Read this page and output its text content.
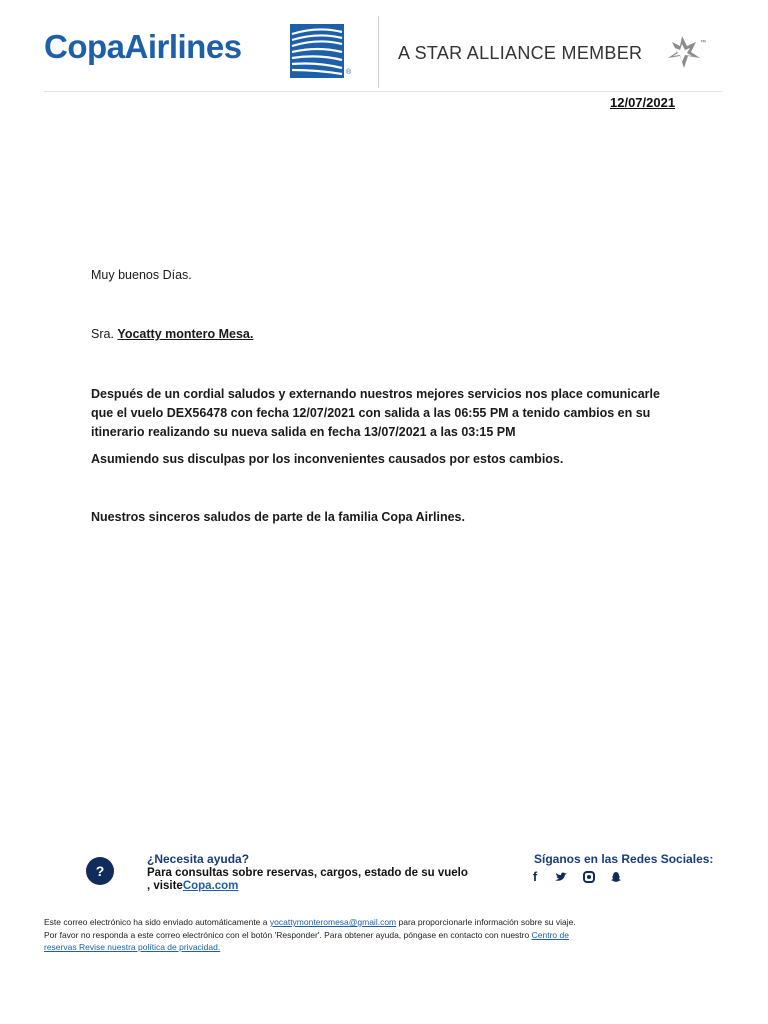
CopaAirlines
®
A STAR ALLIANCE MEMBER	™
12/07/2021
Muy buenos Días.
Sra. Yocatty montero Mesa.
Después de un cordial saludos y externando nuestros mejores servicios nos place comunicarle que el vuelo DEX56478 con fecha 12/07/2021 con salida a las 06:55 PM a tenido cambios en su itinerario realizando su nueva salida en fecha 13/07/2021 a las 03:15 PM
Asumiendo sus disculpas por los inconvenientes causados por estos cambios.
Nuestros sinceros saludos de parte de la familia Copa Airlines.
?
¿Necesita ayuda?
Para consultas sobre reservas, cargos, estado de su vuelo
, visiteCopa.com
Síganos en las Redes Sociales:
f
Este correo electrónico ha sido enviado automáticamente a yocattymonteromesa@gmail.com para proporcionarle información sobre su viaje.
Por favor no responda a este correo electrónico con el botón 'Responder'. Para obtener ayuda, póngase en contacto con nuestro Centro de
reservas Revise nuestra política de privacidad.
